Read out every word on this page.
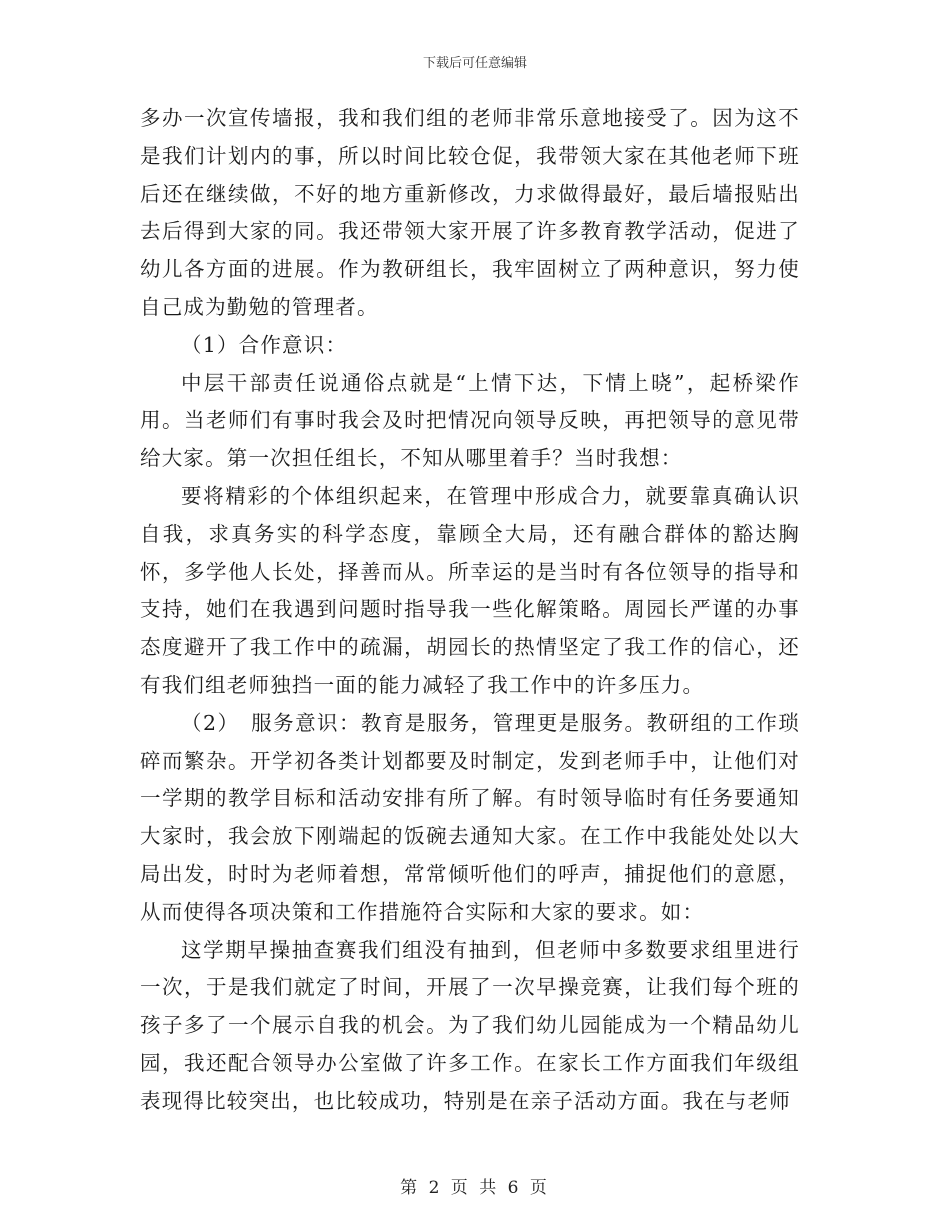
下载后可任意编辑

多办一次宣传墙报，我和我们组的老师非常乐意地接受了。因为这不是我们计划内的事，所以时间比较仓促，我带领大家在其他老师下班后还在继续做，不好的地方重新修改，力求做得最好，最后墙报贴出去后得到大家的同。我还带领大家开展了许多教育教学活动，促进了幼儿各方面的进展。作为教研组长，我牢固树立了两种意识，努力使自己成为勤勉的管理者。

（1）合作意识：

中层干部责任说通俗点就是“上情下达，下情上晓”，起桥梁作用。当老师们有事时我会及时把情况向领导反映，再把领导的意见带给大家。第一次担任组长，不知从哪里着手？当时我想：

要将精彩的个体组织起来，在管理中形成合力，就要靠真确认识自我，求真务实的科学态度，靠顾全大局，还有融合群体的豁达胸怀，多学他人长处，择善而从。所幸运的是当时有各位领导的指导和支持，她们在我遇到问题时指导我一些化解策略。周园长严谨的办事态度避开了我工作中的疏漏，胡园长的热情坚定了我工作的信心，还有我们组老师独挡一面的能力减轻了我工作中的许多压力。

（2）　服务意识：教育是服务，管理更是服务。教研组的工作琐碎而繁杂。开学初各类计划都要及时制定，发到老师手中，让他们对一学期的教学目标和活动安排有所了解。有时领导临时有任务要通知大家时，我会放下刚端起的饭碗去通知大家。在工作中我能处处以大局出发，时时为老师着想，常常倾听他们的呼声，捕捉他们的意愿，从而使得各项决策和工作措施符合实际和大家的要求。如：

这学期早操抽查赛我们组没有抽到，但老师中多数要求组里进行一次，于是我们就定了时间，开展了一次早操竞赛，让我们每个班的孩子多了一个展示自我的机会。为了我们幼儿园能成为一个精品幼儿园，我还配合领导办公室做了许多工作。在家长工作方面我们年级组表现得比较突出，也比较成功，特别是在亲子活动方面。我在与老师

第 2 页 共 6 页
